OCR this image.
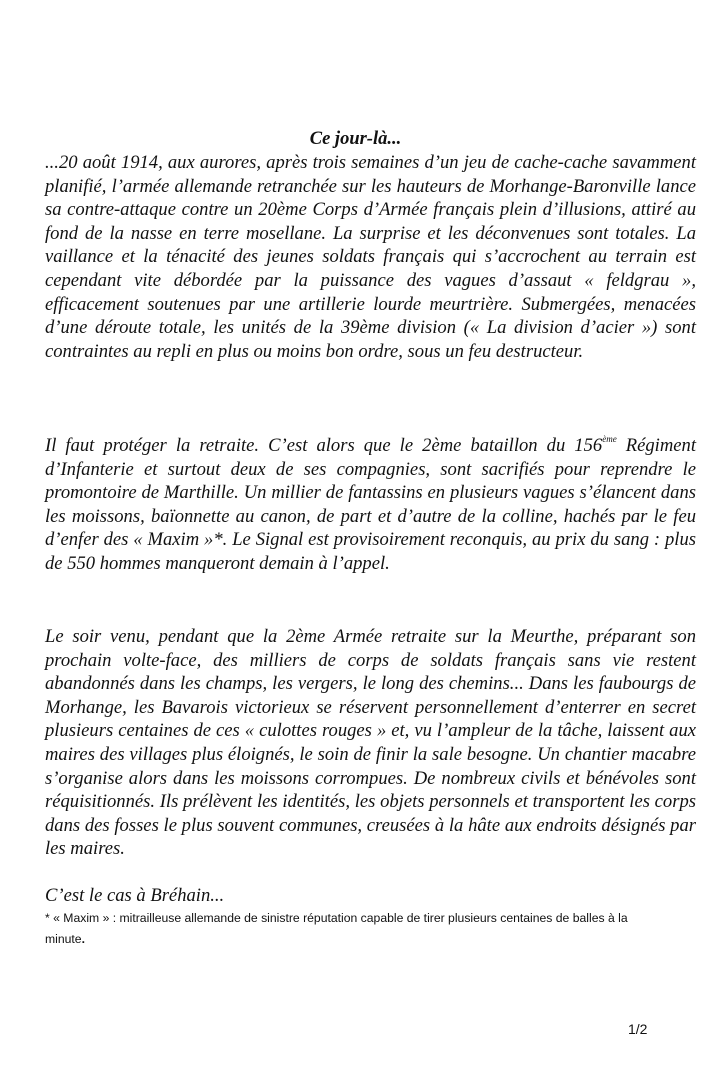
Ce jour-là...

...20 août 1914, aux aurores, après trois semaines d’un jeu de cache-cache savamment planifié, l’armée allemande retranchée sur les hauteurs de Morhange-Baronville lance sa contre-attaque contre un 20ème Corps d’Armée français plein d’illusions, attiré au fond de la nasse en terre mosellane. La surprise et les déconvenues sont totales. La vaillance et la ténacité des jeunes soldats français qui s’accrochent au terrain est cependant vite débordée par la puissance des vagues d’assaut « feldgrau », efficacement soutenues par une artillerie lourde meurtrière. Submergées, menacées d’une déroute totale, les unités de la 39ème division (« La division d’acier ») sont contraintes au repli en plus ou moins bon ordre, sous un feu destructeur.

Il faut protéger la retraite. C’est alors que le 2ème bataillon du 156ème Régiment d’Infanterie et surtout deux de ses compagnies, sont sacrifiés pour reprendre le promontoire de Marthille. Un millier de fantassins en plusieurs vagues s’élancent dans les moissons, baïonnette au canon, de part et d’autre de la colline, hachés par le feu d’enfer des « Maxim »*. Le Signal est provisoirement reconquis, au prix du sang : plus de 550 hommes manqueront demain à l’appel.

Le soir venu, pendant que la 2ème Armée retraite sur la Meurthe, préparant son prochain volte-face, des milliers de corps de soldats français sans vie restent abandonnés dans les champs, les vergers, le long des chemins... Dans les faubourgs de Morhange, les Bavarois victorieux se réservent personnellement d’enterrer en secret plusieurs centaines de ces « culottes rouges » et, vu l’ampleur de la tâche, laissent aux maires des villages plus éloignés, le soin de finir la sale besogne. Un chantier macabre s’organise alors dans les moissons corrompues. De nombreux civils et bénévoles sont réquisitionnés. Ils prélèvent les identités, les objets personnels et transportent les corps dans des fosses le plus souvent communes, creusées à la hâte aux endroits désignés par les maires.

C’est le cas à Bréhain...

* « Maxim » : mitrailleuse allemande de sinistre réputation capable de tirer plusieurs centaines de balles à la minute.

1/2
